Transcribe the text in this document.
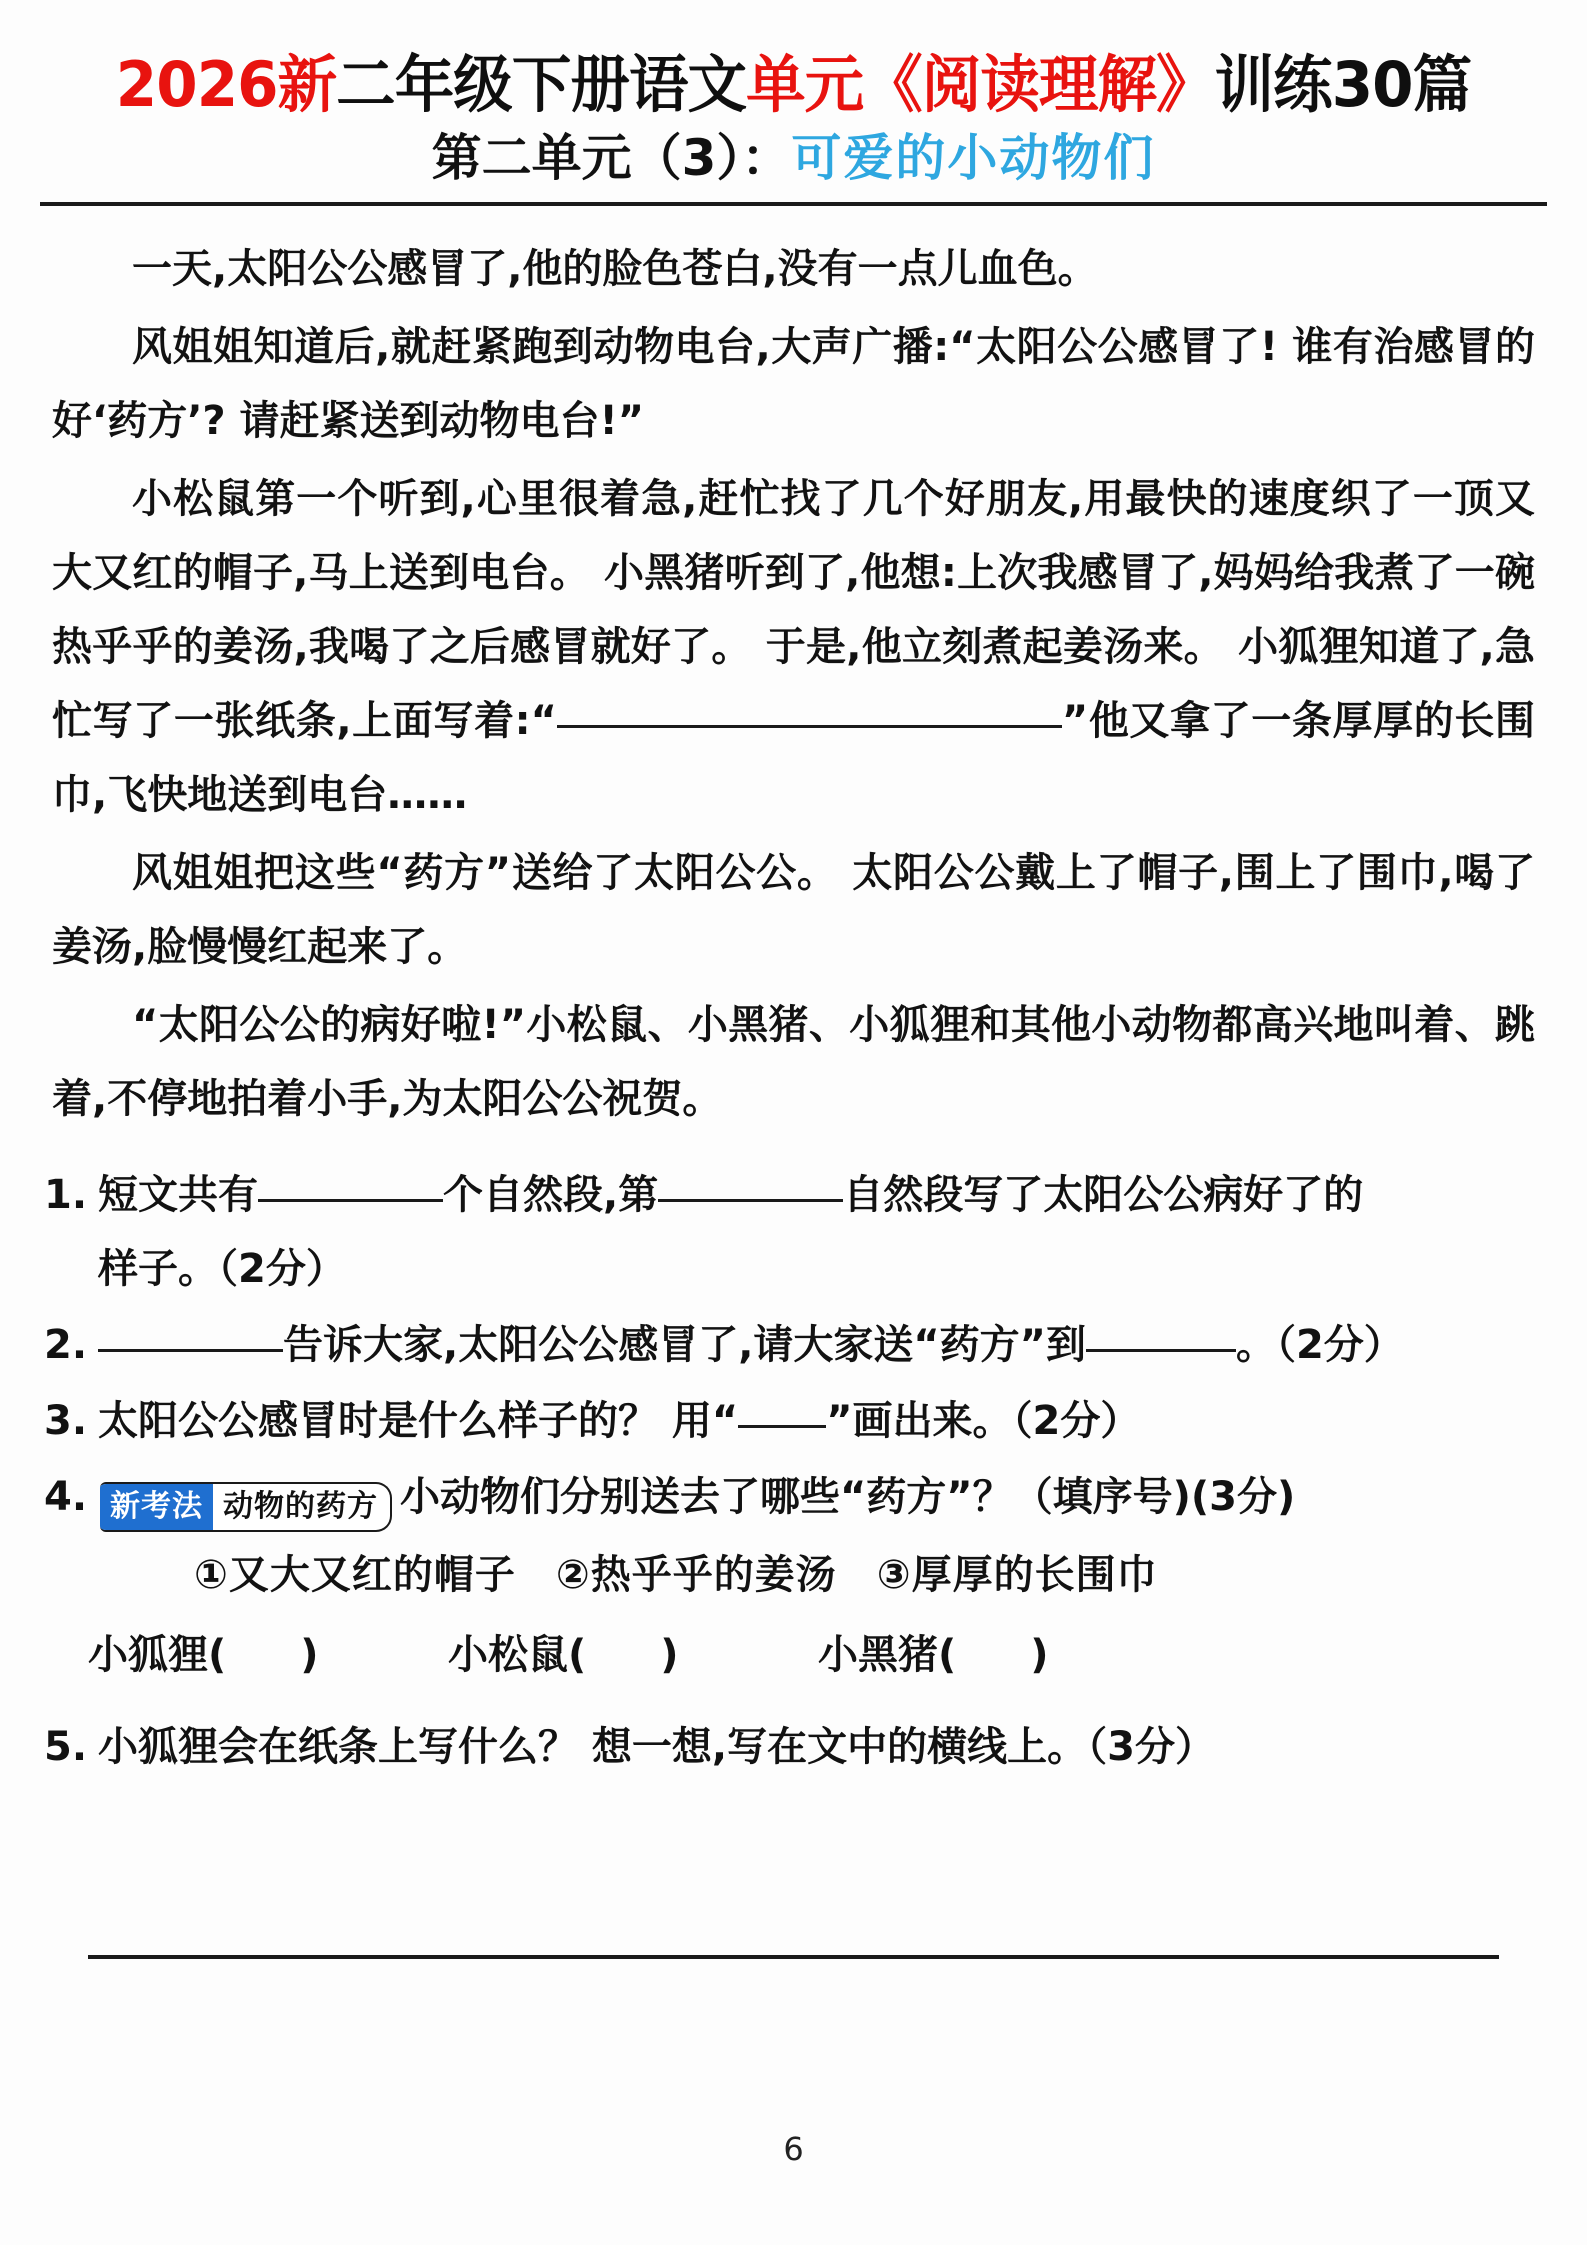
2026新二年级下册语文单元《阅读理解》训练30篇
第二单元（3）：可爱的小动物们

一天,太阳公公感冒了,他的脸色苍白,没有一点儿血色。

风姐姐知道后,就赶紧跑到动物电台,大声广播:“太阳公公感冒了! 谁有治感冒的好‘药方’? 请赶紧送到动物电台!”

小松鼠第一个听到,心里很着急,赶忙找了几个好朋友,用最快的速度织了一顶又大又红的帽子,马上送到电台。 小黑猪听到了,他想:上次我感冒了,妈妈给我煮了一碗热乎乎的姜汤,我喝了之后感冒就好了。 于是,他立刻煮起姜汤来。 小狐狸知道了,急忙写了一张纸条,上面写着:“	”他又拿了一条厚厚的长围巾,飞快地送到电台……

风姐姐把这些“药方”送给了太阳公公。 太阳公公戴上了帽子,围上了围巾,喝了姜汤,脸慢慢红起来了。

“太阳公公的病好啦!”小松鼠、小黑猪、小狐狸和其他小动物都高兴地叫着、跳着,不停地拍着小手,为太阳公公祝贺。

1. 短文共有	个自然段,第	自然段写了太阳公公病好了的
样子。（2分）
2.	告诉大家,太阳公公感冒了,请大家送“药方”到	。（2分）
3. 太阳公公感冒时是什么样子的？ 用“ ”画出来。（2分）
4. 新考法 动物的药方 小动物们分别送去了哪些“药方”？（填序号)(3分)
①又大又红的帽子 ②热乎乎的姜汤 ③厚厚的长围巾
小狐狸( )	小松鼠( )	小黑猪( )
5. 小狐狸会在纸条上写什么？ 想一想,写在文中的横线上。（3分）
6
